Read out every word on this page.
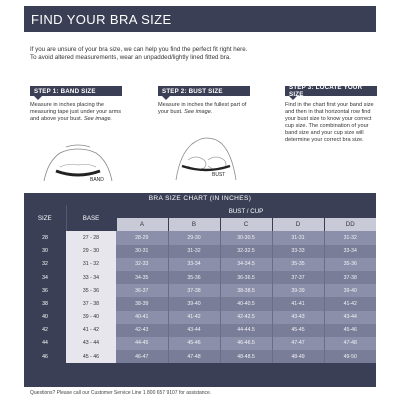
FIND YOUR BRA SIZE
If you are unsure of your bra size, we can help you find the perfect fit right here.
To avoid altered measurements, wear an unpadded/lightly lined fitted bra.
STEP 1: BAND SIZE
Measure in inches placing the measuring tape just under your arms and above your bust. See image.
BAND
STEP 2: BUST SIZE
Measure in inches the fullest part of your bust. See image.
BUST
STEP 3: LOCATE YOUR SIZE
Find in the chart first your band size and then in that horizontal row find your bust size to know your correct cup size. The combination of your band size and your cup size will determine your correct bra size.
BRA SIZE CHART (IN INCHES)
SIZE	BASE	BUST / CUP				
		A	B	C	D	DD
28	27 - 28	28-29	29-30	30-30.5	31-31	31-32
30	29 - 30	30-31	31-32	32-32.5	33-33	33-34
32	31 - 32	32-33	33-34	34-34.5	35-35	35-36
34	33 - 34	34-35	35-36	36-36.5	37-37	37-38
36	35 - 36	36-37	37-38	38-38.5	39-39	39-40
38	37 - 38	38-39	39-40	40-40.5	41-41	41-42
40	39 - 40	40-41	41-42	42-42.5	43-43	43-44
42	41 - 42	42-43	43-44	44-44.5	45-45	45-46
44	43 - 44	44-45	45-46	46-46.5	47-47	47-48
46	45 - 46	46-47	47-48	48-48.5	48-49	49-50
Questions? Please call our Customer Service Line 1 800 657 9107 for assistance.
